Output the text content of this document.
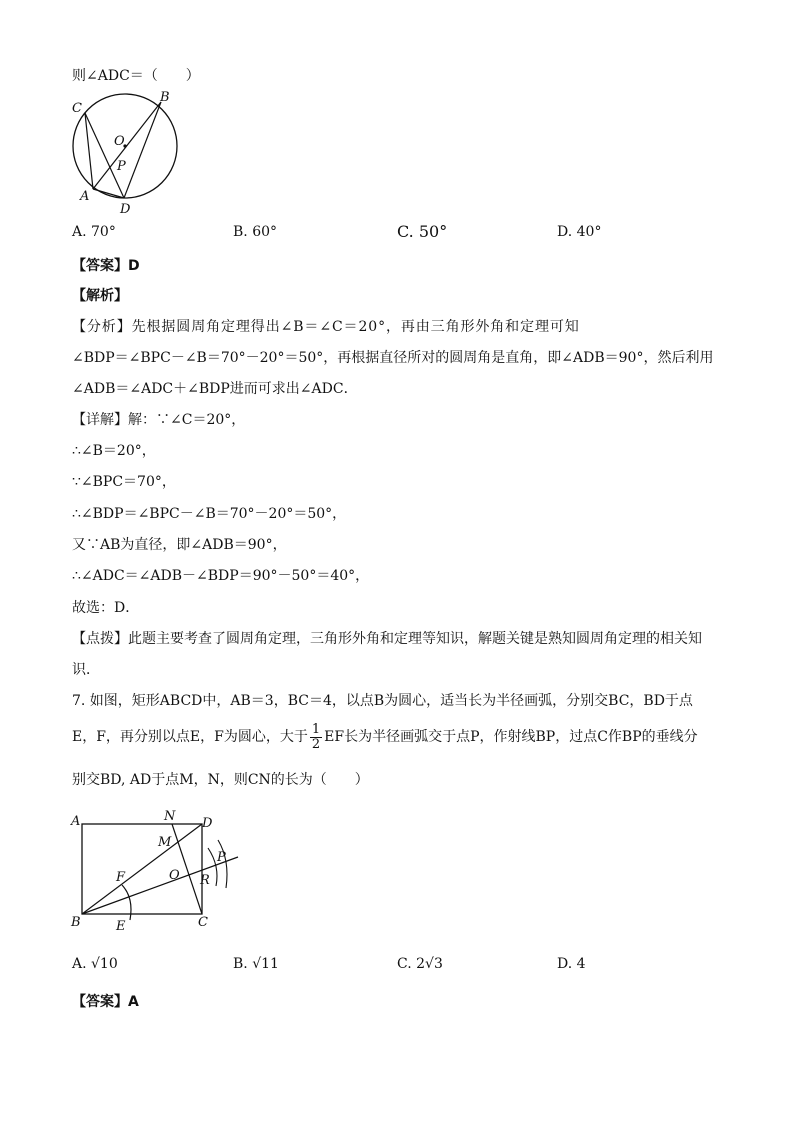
则∠ADC＝（　　）
C
B
O
P
A
D
A. 70°	B. 60°	C. 50°	D. 40°
【答案】D
【解析】
【分析】先根据圆周角定理得出∠B＝∠C＝20°，再由三角形外角和定理可知
∠BDP＝∠BPC－∠B＝70°－20°＝50°，再根据直径所对的圆周角是直角，即∠ADB＝90°，然后利用
∠ADB＝∠ADC＋∠BDP进而可求出∠ADC．
【详解】解：∵∠C＝20°，
∴∠B＝20°，
∵∠BPC＝70°，
∴∠BDP＝∠BPC－∠B＝70°－20°＝50°，
又∵AB为直径，即∠ADB＝90°，
∴∠ADC＝∠ADB－∠BDP＝90°－50°＝40°，
故选：D．
【点拨】此题主要考查了圆周角定理，三角形外角和定理等知识，解题关键是熟知圆周角定理的相关知
识．
7. 如图，矩形ABCD中，AB＝3，BC＝4，以点B为圆心，适当长为半径画弧，分别交BC，BD于点
E，F，再分别以点E，F为圆心，大于 $\frac{1}{2}$ EF长为半径画弧交于点P，作射线BP，过点C作BP的垂线分
别交BD, AD于点M，N，则CN的长为（　　）
A	N D
M
P
F	O R
B	E	C
A. √10	B. √11	C. 2√3	D. 4
【答案】A
